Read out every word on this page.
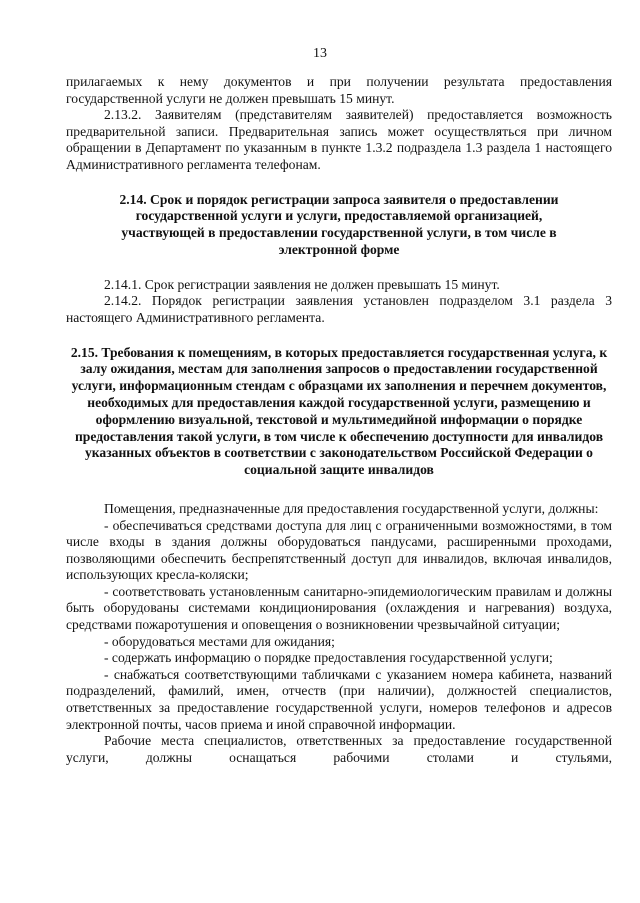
13

прилагаемых к нему документов и при получении результата предоставления государственной услуги не должен превышать 15 минут.

2.13.2. Заявителям (представителям заявителей) предоставляется возможность предварительной записи. Предварительная запись может осуществляться при личном обращении в Департамент по указанным в пункте 1.3.2 подраздела 1.3 раздела 1 настоящего Административного регламента телефонам.

2.14. Срок и порядок регистрации запроса заявителя о предоставлении государственной услуги и услуги, предоставляемой организацией, участвующей в предоставлении государственной услуги, в том числе в электронной форме

2.14.1. Срок регистрации заявления не должен превышать 15 минут.

2.14.2. Порядок регистрации заявления установлен подразделом 3.1 раздела 3 настоящего Административного регламента.

2.15. Требования к помещениям, в которых предоставляется государственная услуга, к залу ожидания, местам для заполнения запросов о предоставлении государственной услуги, информационным стендам с образцами их заполнения и перечнем документов, необходимых для предоставления каждой государственной услуги, размещению и оформлению визуальной, текстовой и мультимедийной информации о порядке предоставления такой услуги, в том числе к обеспечению доступности для инвалидов указанных объектов в соответствии с законодательством Российской Федерации о социальной защите инвалидов

Помещения, предназначенные для предоставления государственной услуги, должны:

- обеспечиваться средствами доступа для лиц с ограниченными возможностями, в том числе входы в здания должны оборудоваться пандусами, расширенными проходами, позволяющими обеспечить беспрепятственный доступ для инвалидов, включая инвалидов, использующих кресла-коляски;

- соответствовать установленным санитарно-эпидемиологическим правилам и должны быть оборудованы системами кондиционирования (охлаждения и нагревания) воздуха, средствами пожаротушения и оповещения о возникновении чрезвычайной ситуации;

- оборудоваться местами для ожидания;

- содержать информацию о порядке предоставления государственной услуги;

- снабжаться соответствующими табличками с указанием номера кабинета, названий подразделений, фамилий, имен, отчеств (при наличии), должностей специалистов, ответственных за предоставление государственной услуги, номеров телефонов и адресов электронной почты, часов приема и иной справочной информации.

Рабочие места специалистов, ответственных за предоставление государственной услуги, должны оснащаться рабочими столами и стульями,
